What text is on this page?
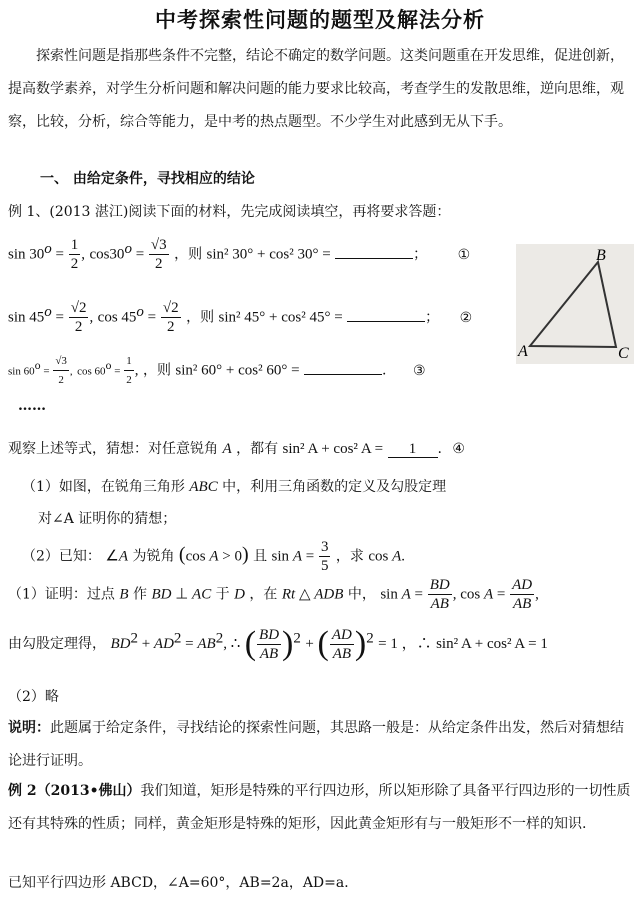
中考探索性问题的题型及解法分析
探索性问题是指那些条件不完整，结论不确定的数学问题。这类问题重在开发思维，促进创新，提高数学素养，对学生分析问题和解决问题的能力要求比较高，考查学生的发散思维，逆向思维，观察，比较，分析，综合等能力，是中考的热点题型。不少学生对此感到无从下手。
一、 由给定条件，寻找相应的结论
例 1、(2013 湛江)阅读下面的材料，先完成阅读填空，再将要求答题：
$\sin 30^o = \frac{1}{2}$ , $\cos 30^o = \frac{√3}{2}$ ，则 sin² 30° + cos² 30° =	； ①
$\sin 45^o = \frac{√2}{2}$ , $\cos 45^o = \frac{√2}{2}$ ，则 sin² 45° + cos² 45° =	； ②
$\sin 60^o = \frac{√3}{2}$ , $\cos 60^o = \frac{1}{2}$ , ，则 sin² 60° + cos² 60° =	. ③
……
A
B
C
观察上述等式，猜想：对任意锐角 A ，都有 sin² A + cos² A = 1 . ④
（1）如图，在锐角三角形 ABC 中，利用三角函数的定义及勾股定理
对∠A 证明你的猜想；
（2）已知： ∠A 为锐角 (cos A > 0) 且 $\sin A = \frac{3}{5}$ ，求 cos A.
（1）证明：过点 B 作 BD ⊥ AC 于 D ，在 Rt △ ADB 中， $\sin A = \frac{BD}{AB}$ , $\cos A = \frac{AD}{AB}$ ,
由勾股定理得， $BD^2 + AD^2 = AB^2$, ∴ ( $\frac{BD}{AB} )^2$ + ( $\frac{AD}{AB} )^2 = 1$ ，∴ sin² A + cos² A = 1
（2）略
说明：此题属于给定条件，寻找结论的探索性问题，其思路一般是：从给定条件出发，然后对猜想结论进行证明。
例 2（2013•佛山）我们知道，矩形是特殊的平行四边形，所以矩形除了具备平行四边形的一切性质还有其特殊的性质；同样，黄金矩形是特殊的矩形，因此黄金矩形有与一般矩形不一样的知识.
已知平行四边形 ABCD，∠A=60°，AB=2a，AD=a．
